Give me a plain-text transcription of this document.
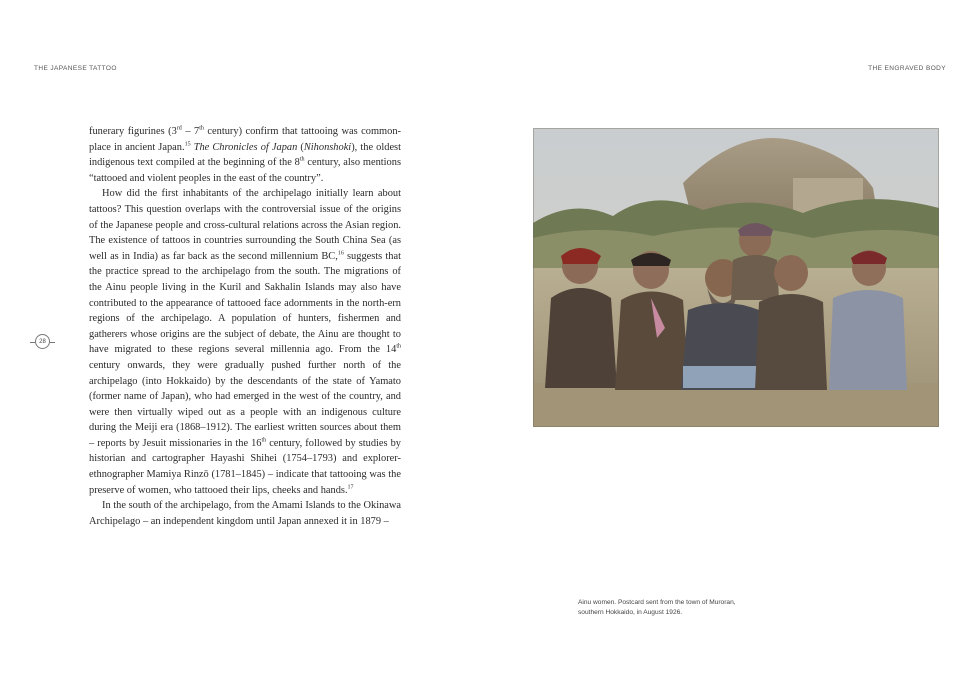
THE JAPANESE TATTOO	THE ENGRAVED BODY
28

funerary figurines (3rd – 7th century) confirm that tattooing was common-place in ancient Japan.$^{15}$ The Chronicles of Japan (Nihonshoki), the oldest indigenous text compiled at the beginning of the 8th century, also mentions “tattooed and violent peoples in the east of the country”.

How did the first inhabitants of the archipelago initially learn about tattoos? This question overlaps with the controversial issue of the origins of the Japanese people and cross-cultural relations across the Asian region. The existence of tattoos in countries surrounding the South China Sea (as well as in India) as far back as the second millennium BC,$^{16}$ suggests that the practice spread to the archipelago from the south. The migrations of the Ainu people living in the Kuril and Sakhalin Islands may also have contributed to the appearance of tattooed face adornments in the north-ern regions of the archipelago. A population of hunters, fishermen and gatherers whose origins are the subject of debate, the Ainu are thought to have migrated to these regions several millennia ago. From the 14th century onwards, they were gradually pushed further north of the archipelago (into Hokkaido) by the descendants of the state of Yamato (former name of Japan), who had emerged in the west of the country, and were then virtually wiped out as a people with an indigenous culture during the Meiji era (1868–1912). The earliest written sources about them – reports by Jesuit missionaries in the 16th century, followed by studies by historian and cartographer Hayashi Shihei (1754–1793) and explorer-ethnographer Mamiya Rinzō (1781–1845) – indicate that tattooing was the preserve of women, who tattooed their lips, cheeks and hands.$^{17}$

In the south of the archipelago, from the Amami Islands to the Okinawa Archipelago – an independent kingdom until Japan annexed it in 1879 –

Ainu women. Postcard sent from the town of Muroran,
southern Hokkaido, in August 1926.
